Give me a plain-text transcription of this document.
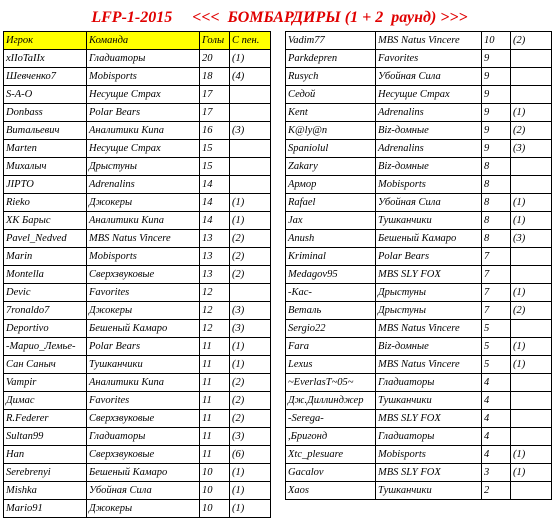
LFP-1-2015     <<<  БОМБАРДИРЫ (1 + 2  раунд) >>>
Игрок	Команда	Голы	С пен.
xIIoTaIIx	Гладиаторы	20	(1)
Шевченко7	Mobisports	18	(4)
S-A-O	Несущие Страх	17	
Donbass	Polar Bears	17	
Витальевич	Аналитики Кипа	16	(3)
Marten	Несущие Страх	15	
Михалыч	Дрыстуны	15	
JIPTO	Adrenalins	14	
Rieko	Джокеры	14	(1)
ХК Барыс	Аналитики Кипа	14	(1)
Pavel_Nedved	MBS Natus Vincere	13	(2)
Marin	Mobisports	13	(2)
Montella	Сверхзвуковые	13	(2)
Devic	Favorites	12	
7ronaldo7	Джокеры	12	(3)
Deportivo	Бешеный Камаро	12	(3)
-Марио_Лемье-	Polar Bears	11	(1)
Сан Саныч	Тушканчики	11	(1)
Vampir	Аналитики Кипа	11	(2)
Димас	Favorites	11	(2)
R.Federer	Сверхзвуковые	11	(2)
Sultan99	Гладиаторы	11	(3)
Нап	Сверхзвуковые	11	(6)
Serebrenyi	Бешеный Камаро	10	(1)
Mishka	Убойная Сила	10	(1)
Mario91	Джокеры	10	(1)
Vadim77	MBS Natus Vincere	10	(2)
Parkdepren	Favorites	9	
Rusych	Убойная Сила	9	
Седой	Несущие Страх	9	
Kent	Adrenalins	9	(1)
K@ly@n	Biz-домные	9	(2)
Spaniolul	Adrenalins	9	(3)
Zakary	Biz-домные	8	
Армор	Mobisports	8	
Rafael	Убойная Сила	8	(1)
Jax	Тушканчики	8	(1)
Anush	Бешеный Камаро	8	(3)
Kriminal	Polar Bears	7	
Medagov95	MBS SLY FOX	7	
-Кас-	Дрыстуны	7	(1)
Веталь	Дрыстуны	7	(2)
Sergio22	MBS Natus Vincere	5	
Fara	Biz-домные	5	(1)
Lexus	MBS Natus Vincere	5	(1)
~EverlasT~05~	Гладиаторы	4	
Дж.Диллинджер	Тушканчики	4	
-Serega-	MBS SLY FOX	4	
,Бригонд	Гладиаторы	4	
Xtc_plesuare	Mobisports	4	(1)
Gacalov	MBS SLY FOX	3	(1)
Xaos	Тушканчики	2	
